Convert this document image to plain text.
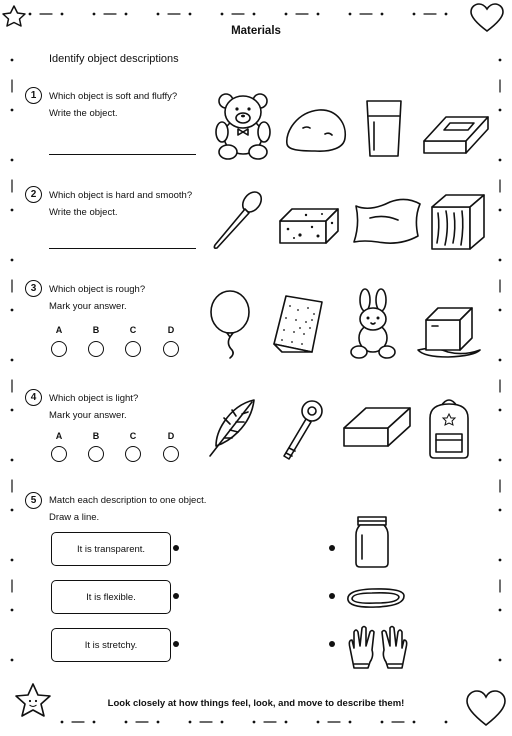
Materials
Identify object descriptions
1	Which object is soft and fluffy?
Write the object.
2	Which object is hard and smooth?
Write the object.
3	Which object is rough?
Mark your answer.
A	B	C	D
4	Which object is light?
Mark your answer.
A	B	C	D
5	Match each description to one object.
Draw a line.
It is transparent.
It is flexible.
It is stretchy.
Look closely at how things feel, look, and move to describe them!
